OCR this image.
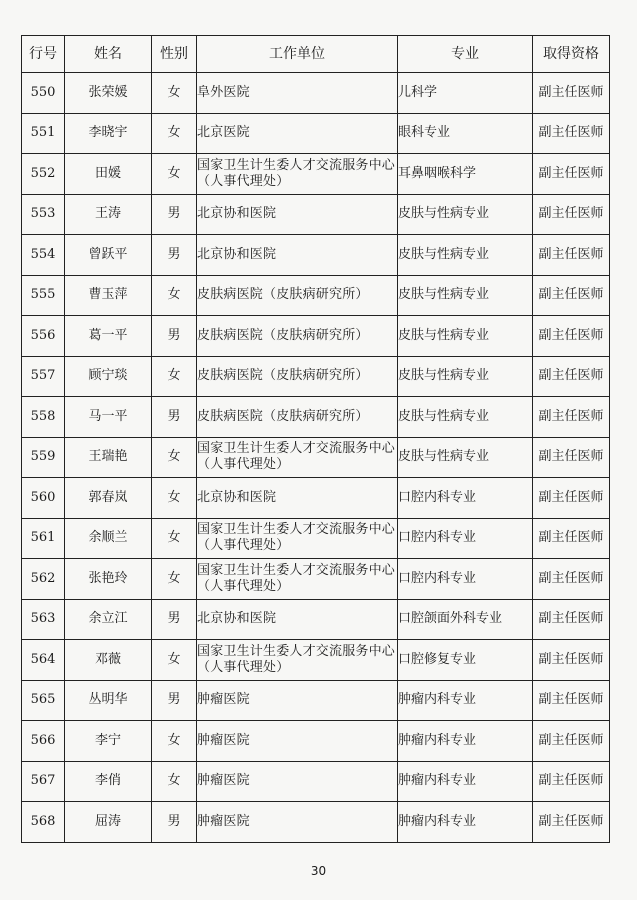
行号	姓名	性别	工作单位	专业	取得资格
550	张荣媛	女	阜外医院	儿科学	副主任医师
551	李晓宇	女	北京医院	眼科专业	副主任医师
552	田媛	女	国家卫生计生委人才交流服务中心（人事代理处）	耳鼻咽喉科学	副主任医师
553	王涛	男	北京协和医院	皮肤与性病专业	副主任医师
554	曾跃平	男	北京协和医院	皮肤与性病专业	副主任医师
555	曹玉萍	女	皮肤病医院（皮肤病研究所）	皮肤与性病专业	副主任医师
556	葛一平	男	皮肤病医院（皮肤病研究所）	皮肤与性病专业	副主任医师
557	顾宁琰	女	皮肤病医院（皮肤病研究所）	皮肤与性病专业	副主任医师
558	马一平	男	皮肤病医院（皮肤病研究所）	皮肤与性病专业	副主任医师
559	王瑞艳	女	国家卫生计生委人才交流服务中心（人事代理处）	皮肤与性病专业	副主任医师
560	郭春岚	女	北京协和医院	口腔内科专业	副主任医师
561	余顺兰	女	国家卫生计生委人才交流服务中心（人事代理处）	口腔内科专业	副主任医师
562	张艳玲	女	国家卫生计生委人才交流服务中心（人事代理处）	口腔内科专业	副主任医师
563	余立江	男	北京协和医院	口腔颌面外科专业	副主任医师
564	邓薇	女	国家卫生计生委人才交流服务中心（人事代理处）	口腔修复专业	副主任医师
565	丛明华	男	肿瘤医院	肿瘤内科专业	副主任医师
566	李宁	女	肿瘤医院	肿瘤内科专业	副主任医师
567	李俏	女	肿瘤医院	肿瘤内科专业	副主任医师
568	屈涛	男	肿瘤医院	肿瘤内科专业	副主任医师
30
